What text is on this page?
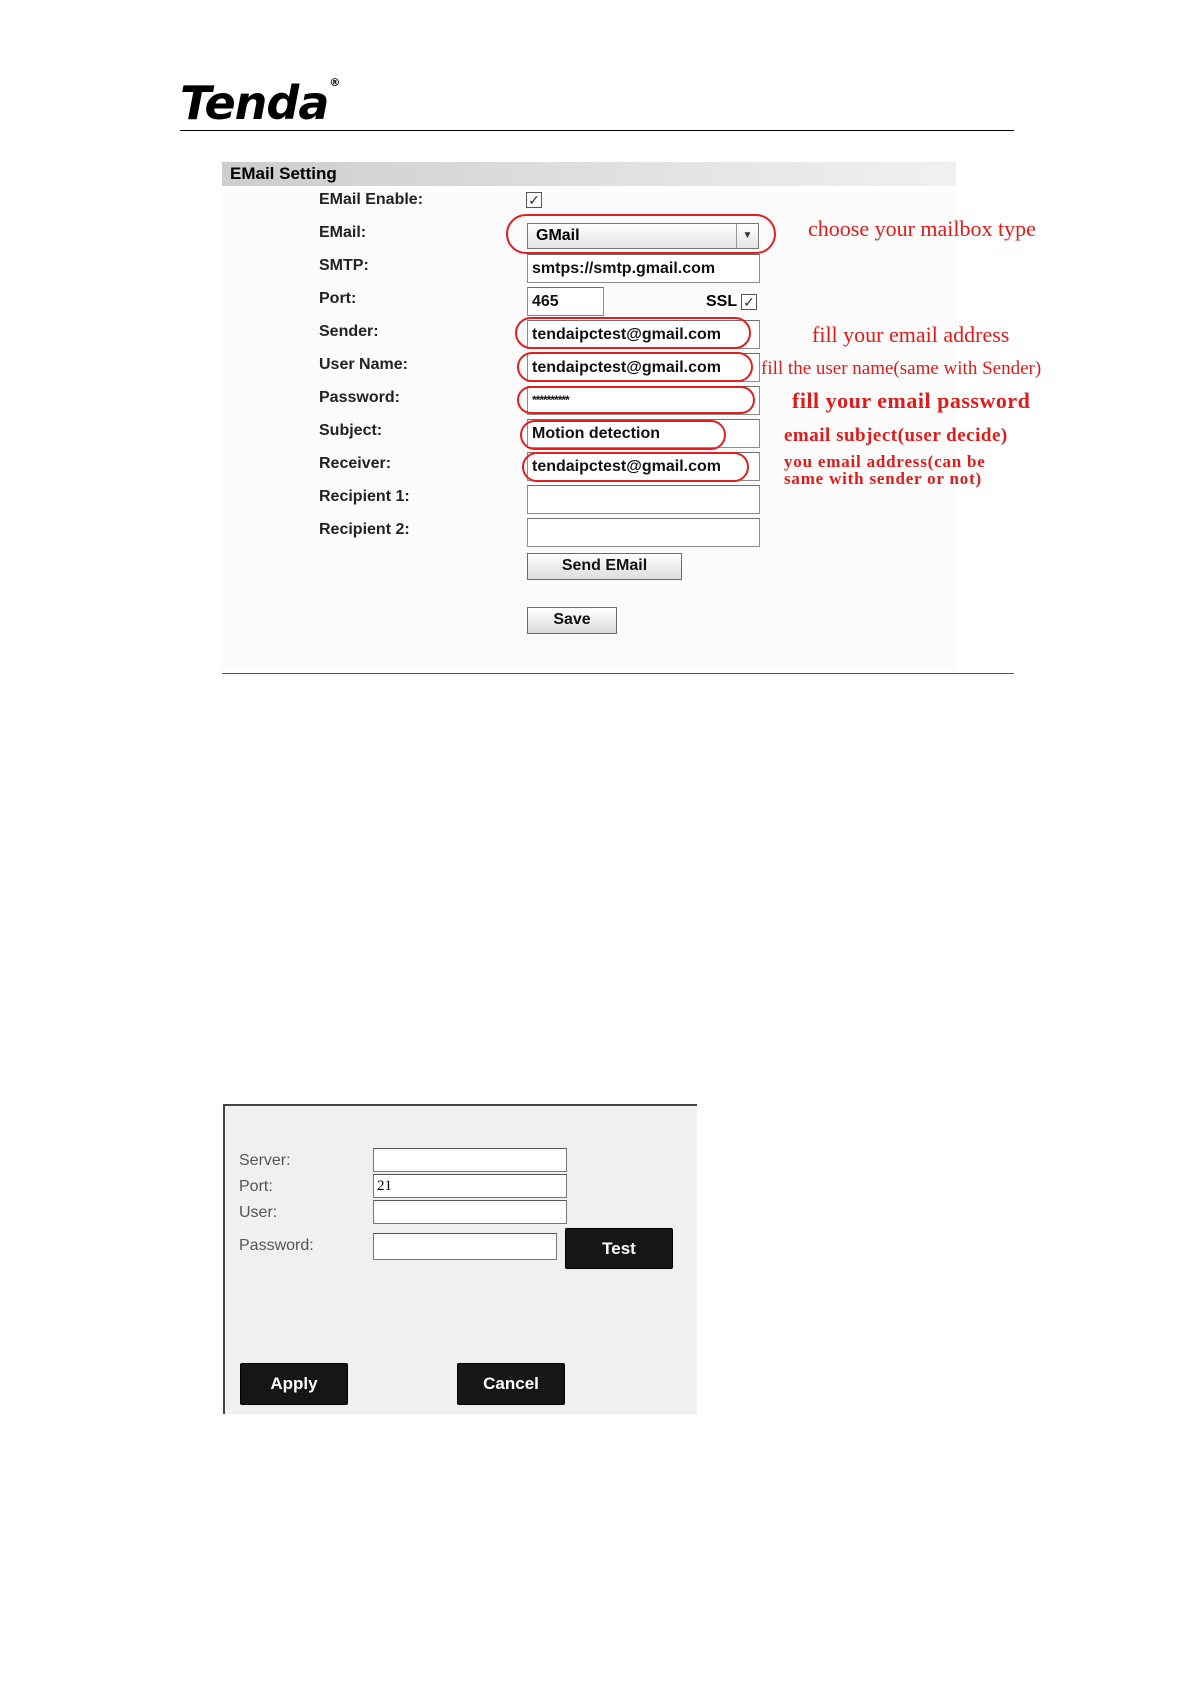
Tenda®
EMail Setting
EMail Enable:	✓
EMail:	GMail	▼
SMTP:	smtps://smtp.gmail.com
Port:	465	SSL ✓
Sender:	tendaipctest@gmail.com
User Name:	tendaipctest@gmail.com
Password:	**********
Subject:	Motion detection
Receiver:	tendaipctest@gmail.com
Recipient 1:
Recipient 2:
Send EMail
Save
choose your mailbox type
fill your email address
fill the user name(same with Sender)
fill your email password
email subject(user decide)
you email address(can be
same with sender or not)
Server:
Port:	21
User:
Password:	Test
Apply	Cancel
